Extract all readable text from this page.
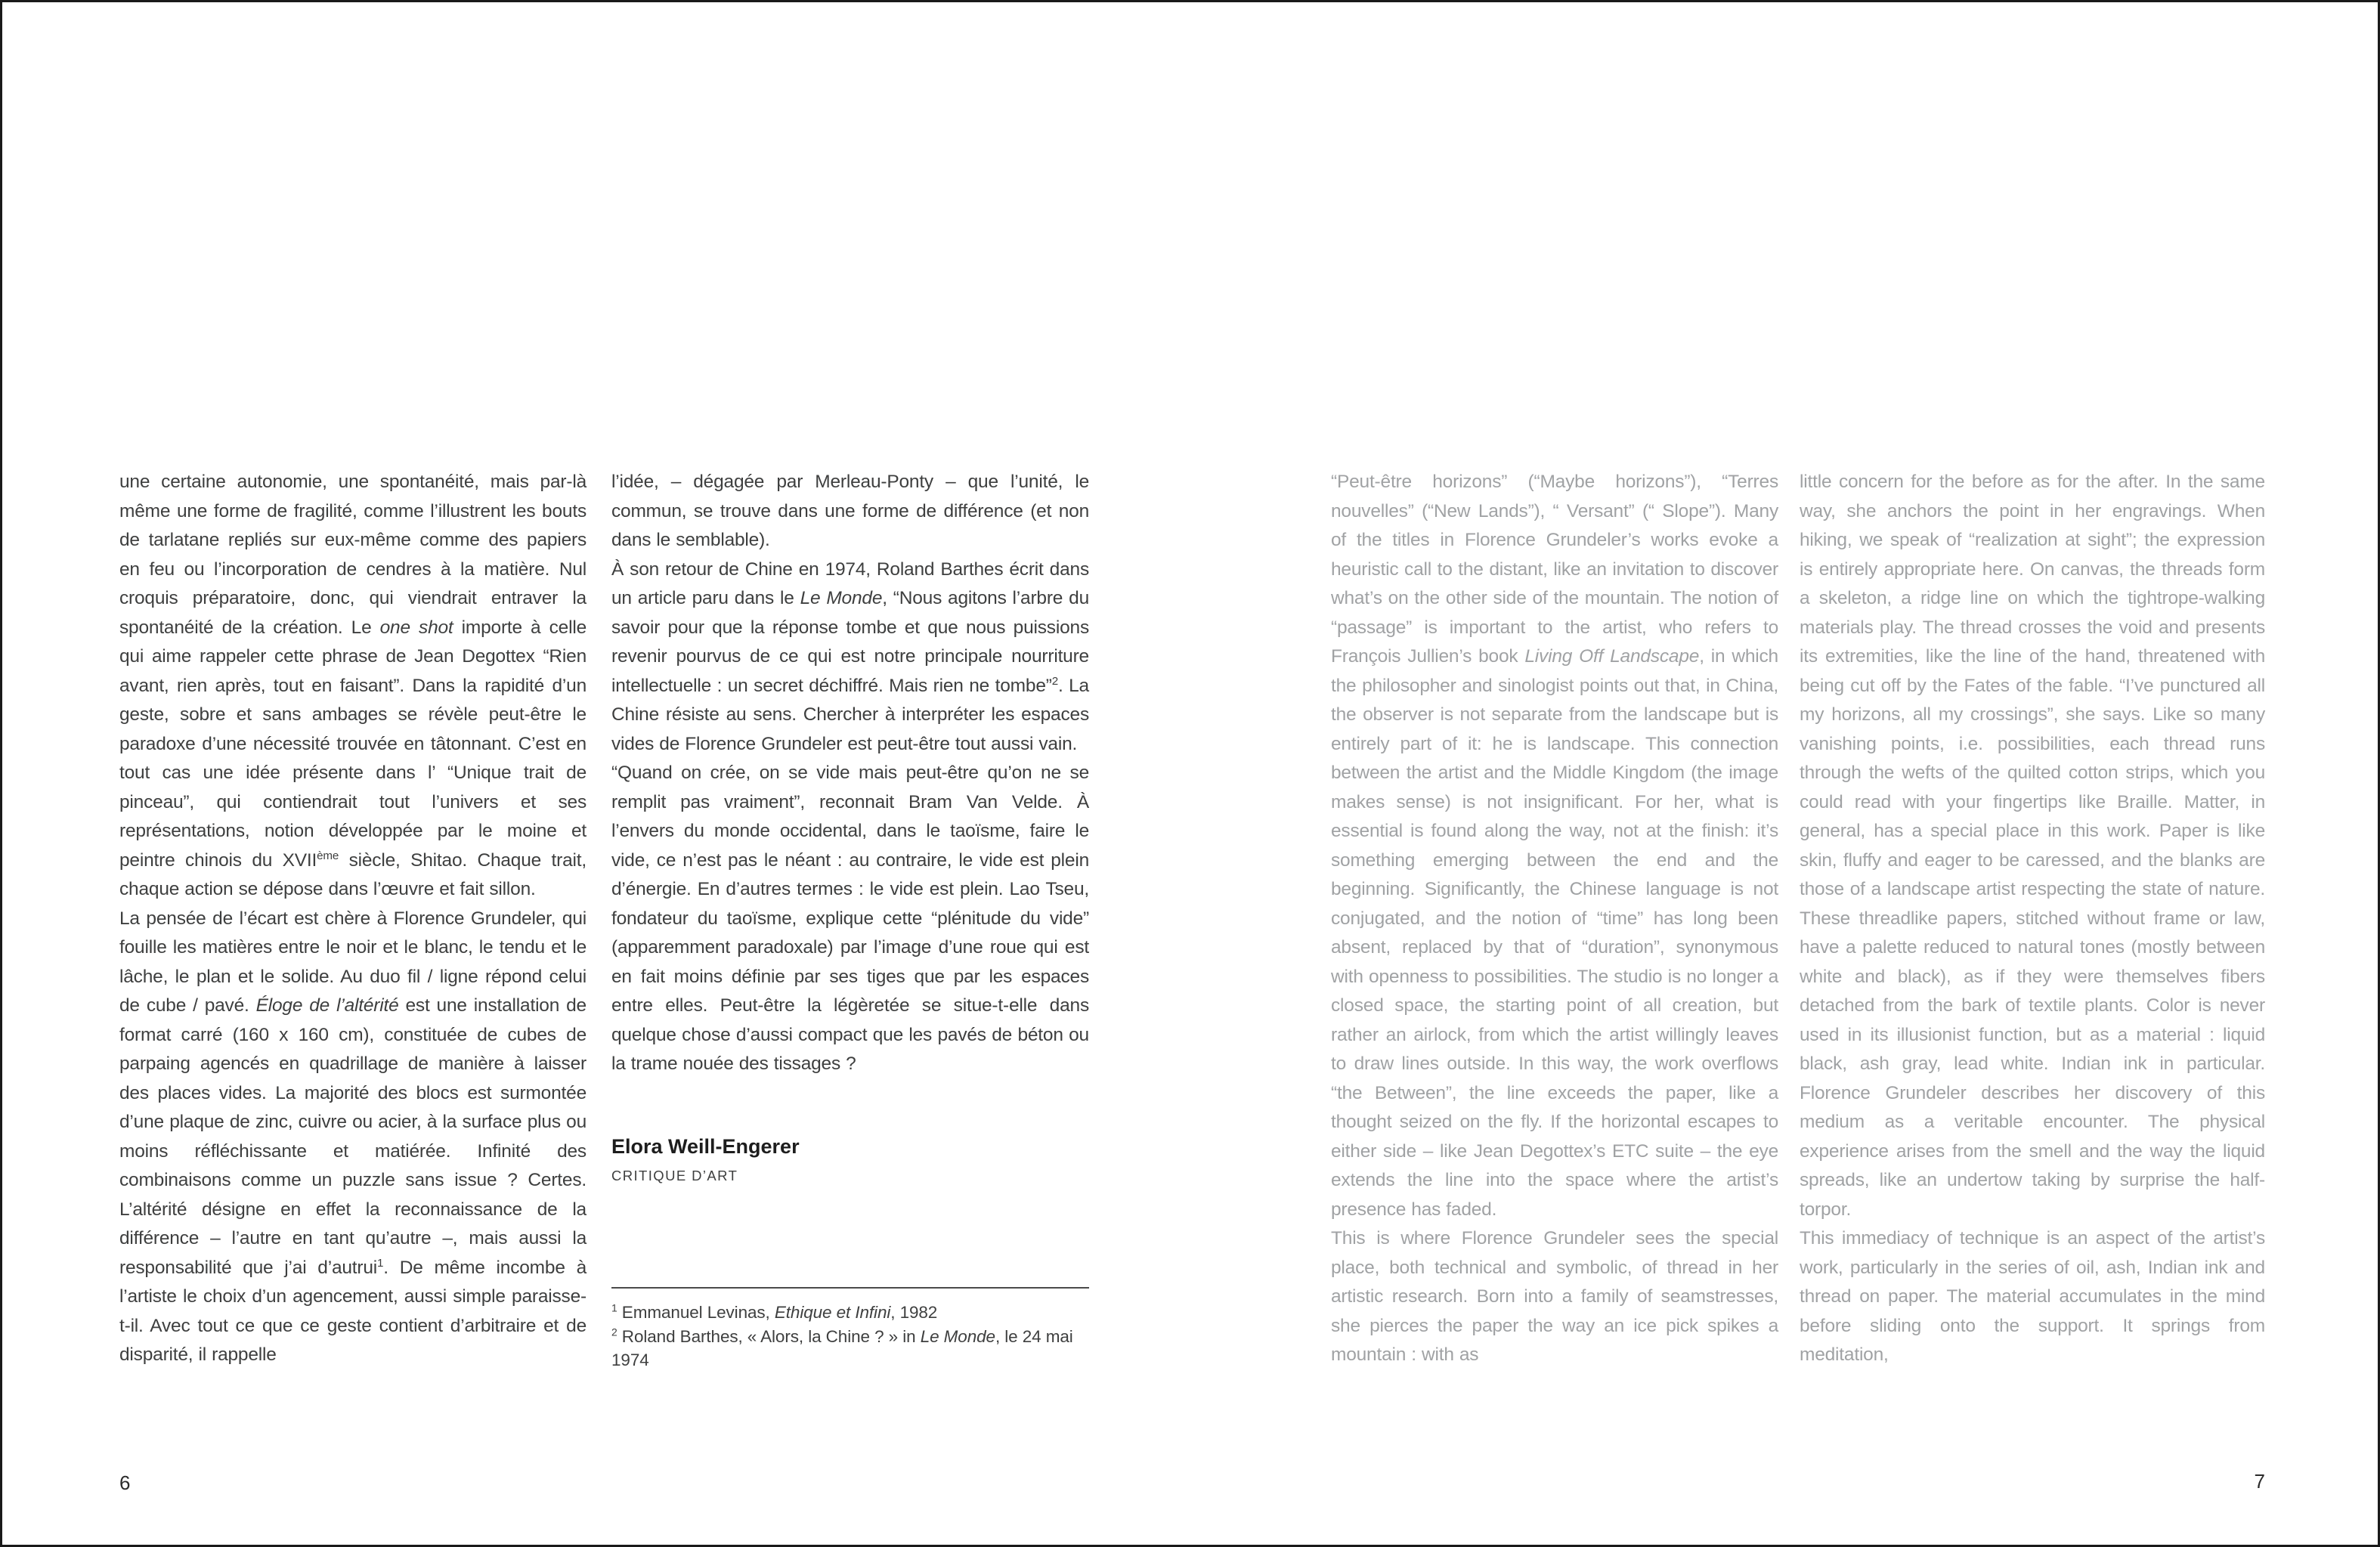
une certaine autonomie, une spontanéité, mais par-là même une forme de fragilité, comme l’illustrent les bouts de tarlatane repliés sur eux-même comme des papiers en feu ou l’incorporation de cendres à la matière. Nul croquis préparatoire, donc, qui viendrait entraver la spontanéité de la création. Le one shot importe à celle qui aime rappeler cette phrase de Jean Degottex “Rien avant, rien après, tout en faisant”. Dans la rapidité d’un geste, sobre et sans ambages se révèle peut-être le paradoxe d’une nécessité trouvée en tâtonnant. C’est en tout cas une idée présente dans l’ “Unique trait de pinceau”, qui contiendrait tout l’univers et ses représentations, notion développée par le moine et peintre chinois du XVIIème siècle, Shitao. Chaque trait, chaque action se dépose dans l’œuvre et fait sillon.

La pensée de l’écart est chère à Florence Grundeler, qui fouille les matières entre le noir et le blanc, le tendu et le lâche, le plan et le solide. Au duo fil / ligne répond celui de cube / pavé. Éloge de l’altérité est une installation de format carré (160 x 160 cm), constituée de cubes de parpaing agencés en quadrillage de manière à laisser des places vides. La majorité des blocs est surmontée d’une plaque de zinc, cuivre ou acier, à la surface plus ou moins réfléchissante et matiérée. Infinité des combinaisons comme un puzzle sans issue ? Certes. L’altérité désigne en effet la reconnaissance de la différence – l’autre en tant qu’autre –, mais aussi la responsabilité que j’ai d’autrui$^1$. De même incombe à l’artiste le choix d’un agencement, aussi simple paraisse-t-il. Avec tout ce que ce geste contient d’arbitraire et de disparité, il rappelle

l’idée, – dégagée par Merleau-Ponty – que l’unité, le commun, se trouve dans une forme de différence (et non dans le semblable).

À son retour de Chine en 1974, Roland Barthes écrit dans un article paru dans le Le Monde, “Nous agitons l’arbre du savoir pour que la réponse tombe et que nous puissions revenir pourvus de ce qui est notre principale nourriture intellectuelle : un secret déchiffré. Mais rien ne tombe”$^2$. La Chine résiste au sens. Chercher à interpréter les espaces vides de Florence Grundeler est peut-être tout aussi vain.

“Quand on crée, on se vide mais peut-être qu’on ne se remplit pas vraiment”, reconnait Bram Van Velde. À l’envers du monde occidental, dans le taoïsme, faire le vide, ce n’est pas le néant : au contraire, le vide est plein d’énergie. En d’autres termes : le vide est plein. Lao Tseu, fondateur du taoïsme, explique cette “plénitude du vide” (apparemment paradoxale) par l’image d’une roue qui est en fait moins définie par ses tiges que par les espaces entre elles. Peut-être la légèretée se situe-t-elle dans quelque chose d’aussi compact que les pavés de béton ou la trame nouée des tissages ?

Elora Weill-Engerer
CRITIQUE D’ART

$^1$ Emmanuel Levinas, Ethique et Infini, 1982

$^2$ Roland Barthes, « Alors, la Chine ? » in Le Monde, le 24 mai 1974

6

“Peut-être horizons” (“Maybe horizons”), “Terres nouvelles” (“New Lands”), “ Versant” (“ Slope”). Many of the titles in Florence Grundeler’s works evoke a heuristic call to the distant, like an invitation to discover what’s on the other side of the mountain. The notion of “passage” is important to the artist, who refers to François Jullien’s book Living Off Landscape, in which the philosopher and sinologist points out that, in China, the observer is not separate from the landscape but is entirely part of it: he is landscape. This connection between the artist and the Middle Kingdom (the image makes sense) is not insignificant. For her, what is essential is found along the way, not at the finish: it’s something emerging between the end and the beginning. Significantly, the Chinese language is not conjugated, and the notion of “time” has long been absent, replaced by that of “duration”, synonymous with openness to possibilities. The studio is no longer a closed space, the starting point of all creation, but rather an airlock, from which the artist willingly leaves to draw lines outside. In this way, the work overflows “the Between”, the line exceeds the paper, like a thought seized on the fly. If the horizontal escapes to either side – like Jean Degottex’s ETC suite – the eye extends the line into the space where the artist’s presence has faded.

This is where Florence Grundeler sees the special place, both technical and symbolic, of thread in her artistic research. Born into a family of seamstresses, she pierces the paper the way an ice pick spikes a mountain : with as

little concern for the before as for the after. In the same way, she anchors the point in her engravings. When hiking, we speak of “realization at sight”; the expression is entirely appropriate here. On canvas, the threads form a skeleton, a ridge line on which the tightrope-walking materials play. The thread crosses the void and presents its extremities, like the line of the hand, threatened with being cut off by the Fates of the fable. “I’ve punctured all my horizons, all my crossings”, she says. Like so many vanishing points, i.e. possibilities, each thread runs through the wefts of the quilted cotton strips, which you could read with your fingertips like Braille. Matter, in general, has a special place in this work. Paper is like skin, fluffy and eager to be caressed, and the blanks are those of a landscape artist respecting the state of nature. These threadlike papers, stitched without frame or law, have a palette reduced to natural tones (mostly between white and black), as if they were themselves fibers detached from the bark of textile plants. Color is never used in its illusionist function, but as a material : liquid black, ash gray, lead white. Indian ink in particular. Florence Grundeler describes her discovery of this medium as a veritable encounter. The physical experience arises from the smell and the way the liquid spreads, like an undertow taking by surprise the half-torpor.

This immediacy of technique is an aspect of the artist’s work, particularly in the series of oil, ash, Indian ink and thread on paper. The material accumulates in the mind before sliding onto the support. It springs from meditation,

7
